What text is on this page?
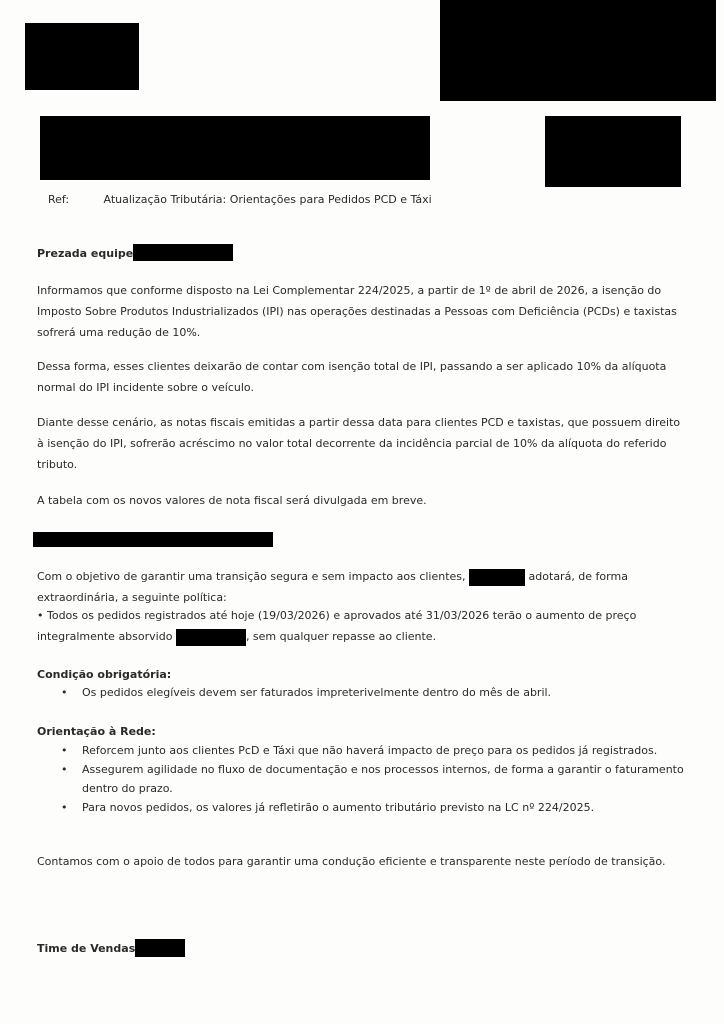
Ref:	Atualização Tributária: Orientações para Pedidos PCD e Táxi
Prezada equipe
Informamos que conforme disposto na Lei Complementar 224/2025, a partir de 1º de abril de 2026, a isenção do Imposto Sobre Produtos Industrializados (IPI) nas operações destinadas a Pessoas com Deficiência (PCDs) e taxistas sofrerá uma redução de 10%.
Dessa forma, esses clientes deixarão de contar com isenção total de IPI, passando a ser aplicado 10% da alíquota normal do IPI incidente sobre o veículo.
Diante desse cenário, as notas fiscais emitidas a partir dessa data para clientes PCD e taxistas, que possuem direito à isenção do IPI, sofrerão acréscimo no valor total decorrente da incidência parcial de 10% da alíquota do referido tributo.
A tabela com os novos valores de nota fiscal será divulgada em breve.
Com o objetivo de garantir uma transição segura e sem impacto aos clientes,	adotará, de forma extraordinária, a seguinte política:
• Todos os pedidos registrados até hoje (19/03/2026) e aprovados até 31/03/2026 terão o aumento de preço integralmente absorvido	, sem qualquer repasse ao cliente.
Condição obrigatória:
• Os pedidos elegíveis devem ser faturados impreterivelmente dentro do mês de abril.
Orientação à Rede:
• Reforcem junto aos clientes PcD e Táxi que não haverá impacto de preço para os pedidos já registrados.
• Assegurem agilidade no fluxo de documentação e nos processos internos, de forma a garantir o faturamento dentro do prazo.
• Para novos pedidos, os valores já refletirão o aumento tributário previsto na LC nº 224/2025.
Contamos com o apoio de todos para garantir uma condução eficiente e transparente neste período de transição.
Time de Vendas
